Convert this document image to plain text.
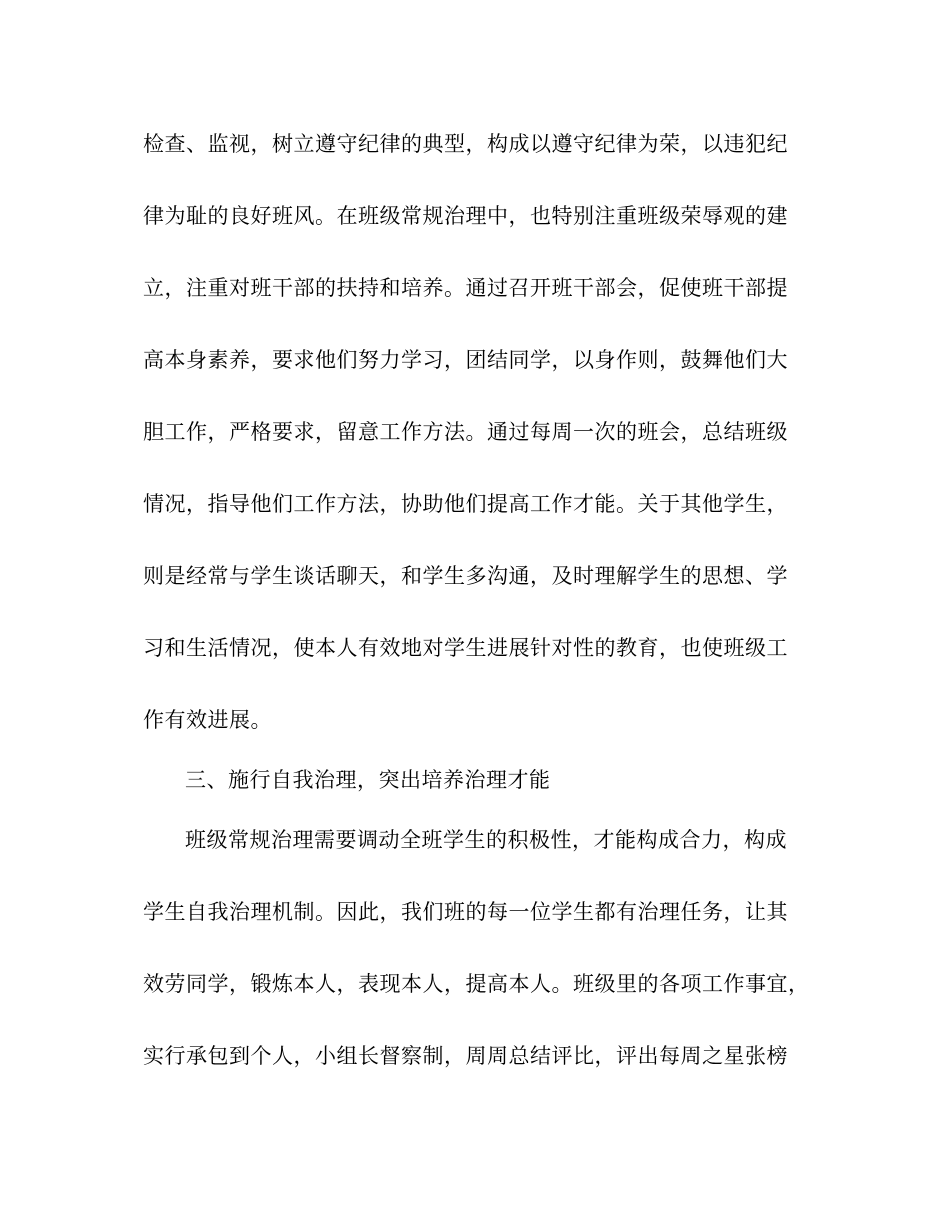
检查、监视，树立遵守纪律的典型，构成以遵守纪律为荣，以违犯纪
律为耻的良好班风。在班级常规治理中，也特别注重班级荣辱观的建
立，注重对班干部的扶持和培养。通过召开班干部会，促使班干部提
高本身素养，要求他们努力学习，团结同学，以身作则，鼓舞他们大
胆工作，严格要求，留意工作方法。通过每周一次的班会，总结班级
情况，指导他们工作方法，协助他们提高工作才能。关于其他学生，
则是经常与学生谈话聊天，和学生多沟通，及时理解学生的思想、学
习和生活情况，使本人有效地对学生进展针对性的教育，也使班级工
作有效进展。
三、施行自我治理，突出培养治理才能
班级常规治理需要调动全班学生的积极性，才能构成合力，构成
学生自我治理机制。因此，我们班的每一位学生都有治理任务，让其
效劳同学，锻炼本人，表现本人，提高本人。班级里的各项工作事宜，
实行承包到个人，小组长督察制，周周总结评比，评出每周之星张榜
